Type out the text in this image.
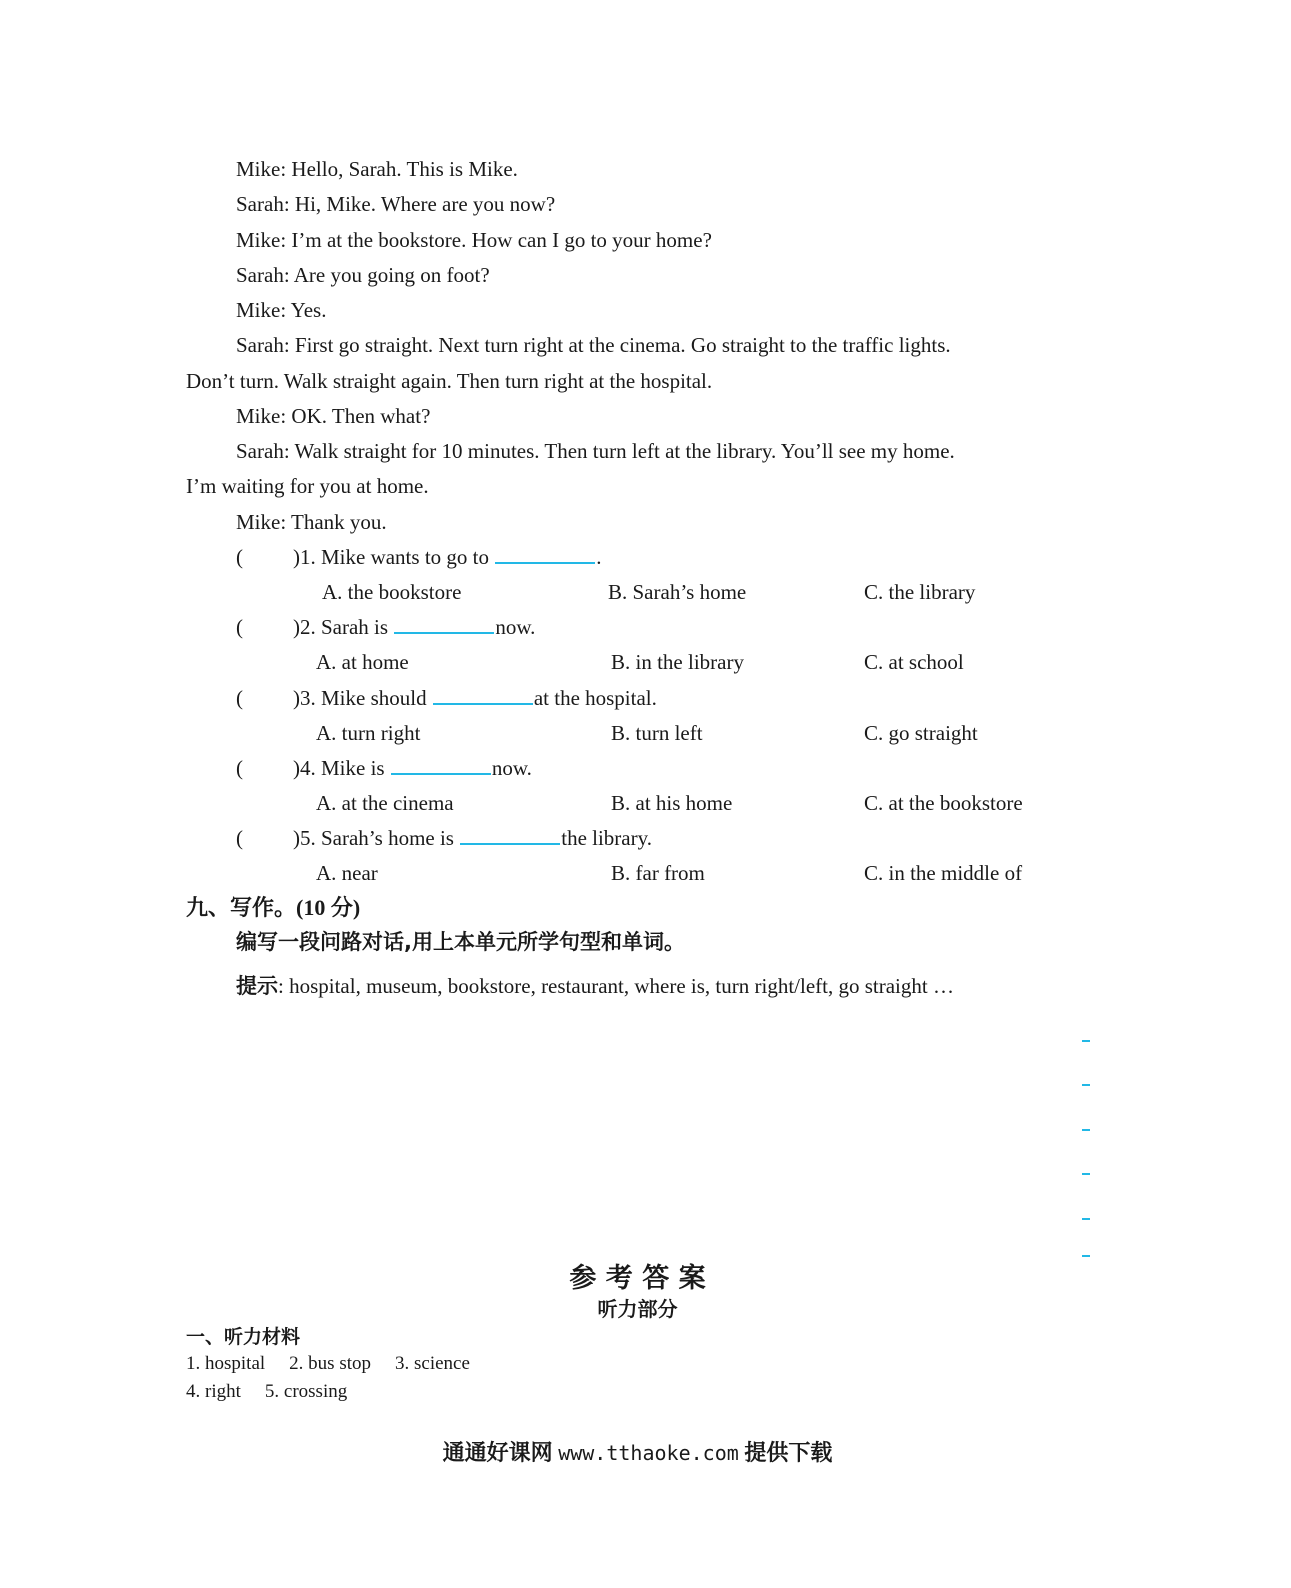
Mike: Hello, Sarah. This is Mike.
Sarah: Hi, Mike. Where are you now?
Mike: I’m at the bookstore. How can I go to your home?
Sarah: Are you going on foot?
Mike: Yes.
Sarah: First go straight. Next turn right at the cinema. Go straight to the traffic lights.
Don’t turn. Walk straight again. Then turn right at the hospital.
Mike: OK. Then what?
Sarah: Walk straight for 10 minutes. Then turn left at the library. You’ll see my home.
I’m waiting for you at home.
Mike: Thank you.
( )1. Mike wants to go to	.
A. the bookstore	B. Sarah’s home	C. the library
( )2. Sarah is	now.
A. at home	B. in the library	C. at school
( )3. Mike should	at the hospital.
A. turn right	B. turn left	C. go straight
( )4. Mike is	now.
A. at the cinema	B. at his home	C. at the bookstore
( )5. Sarah’s home is	the library.
A. near	B. far from	C. in the middle of
九、写作。(10 分)
编写一段问路对话,用上本单元所学句型和单词。
提示: hospital, museum, bookstore, restaurant, where is, turn right/left, go straight …
参 考 答 案
听力部分
一、听力材料
1. hospital 2. bus stop 3. science
4. right 5. crossing
通通好课网 www.tthaoke.com 提供下载
